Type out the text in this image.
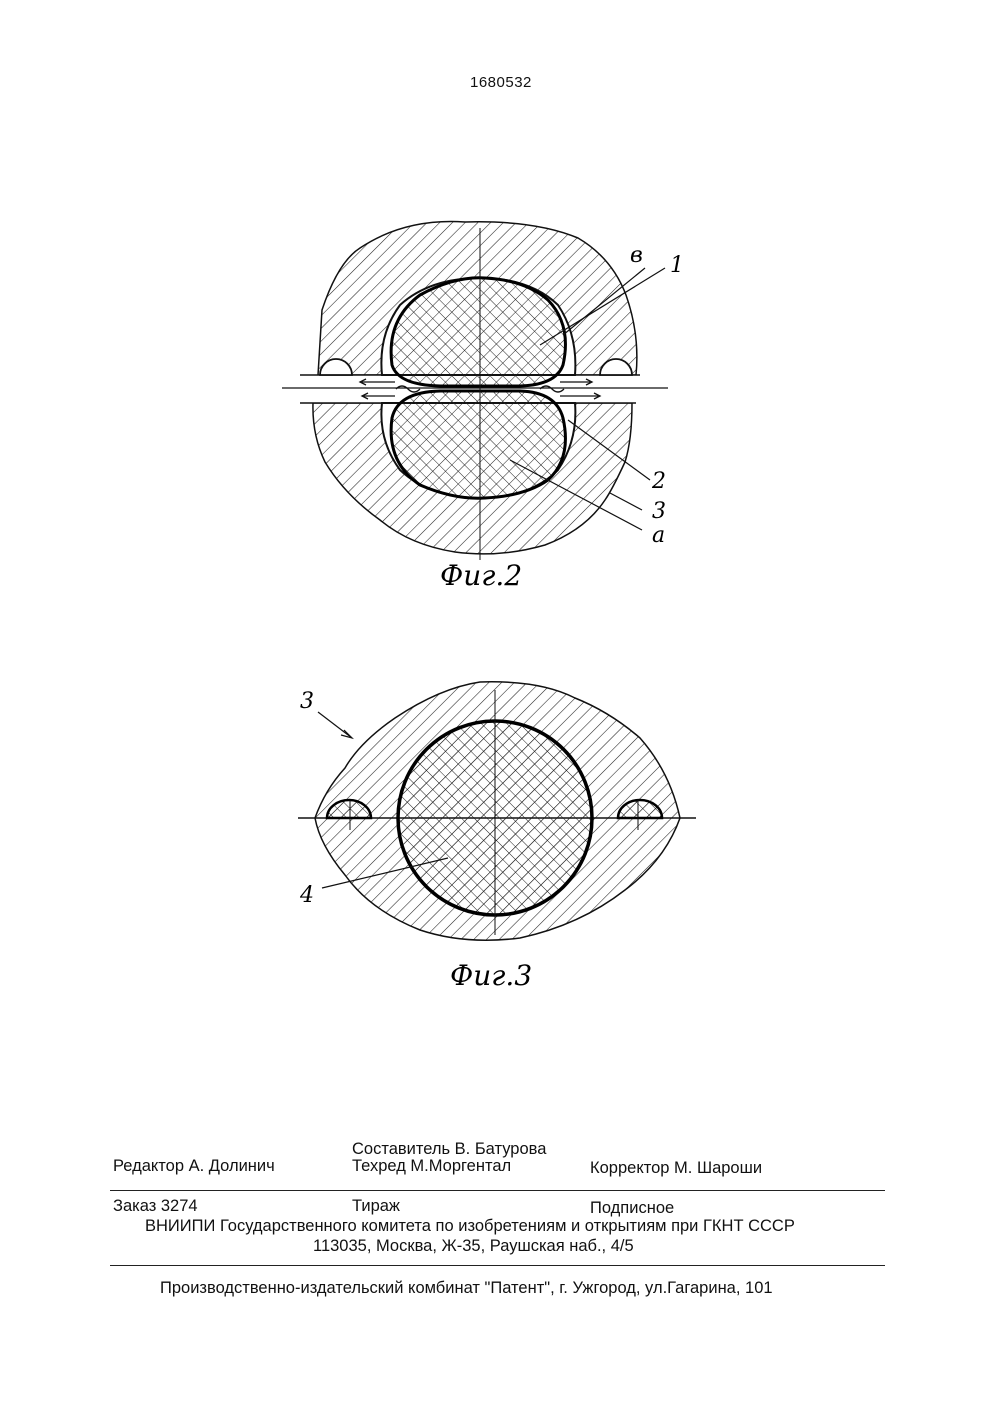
1680532
в 1
2
3
а
Фиг.2
3
4
Фиг.3
Составитель В. Батурова
Редактор А. Долинич	Техред М.Моргентал	Корректор М. Шароши
Заказ 3274	Тираж	Подписное
ВНИИПИ Государственного комитета по изобретениям и открытиям при ГКНТ СССР
113035, Москва, Ж-35, Раушская наб., 4/5
Производственно-издательский комбинат "Патент", г. Ужгород, ул.Гагарина, 101
